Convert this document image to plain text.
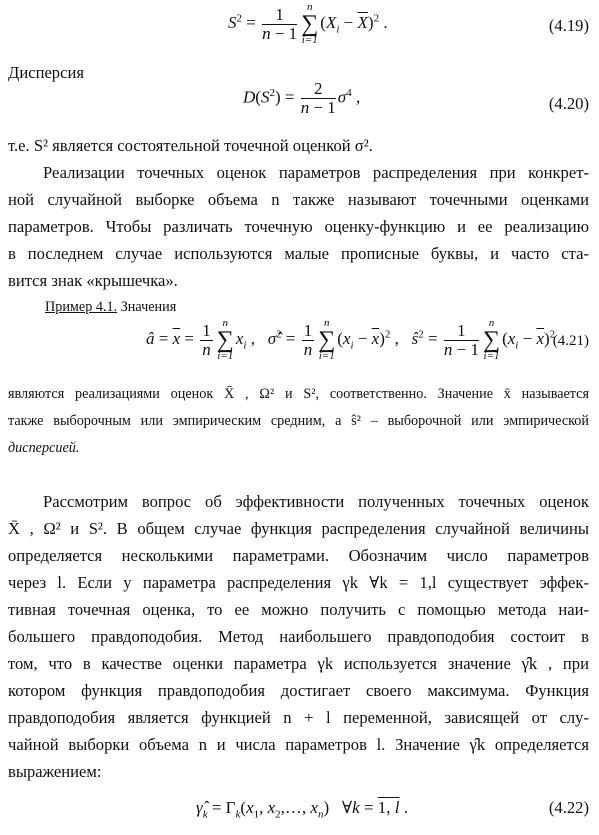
$S^2 = \frac{1}{n - 1}$ n
∑
i=1
$(X_i - \overline{X})^2$ .	(4.19)
Дисперсия
$D(S^2) = \frac{2}{n - 1} \sigma^4$ ,	(4.20)
т.е. S² является состоятельной точечной оценкой σ².
Реализации точечных оценок параметров распределения при конкрет-
ной случайной выборке объема n также называют точечными оценками
параметров. Чтобы различать точечную оценку-функцию и ее реализацию
в последнем случае используются малые прописные буквы, и часто ста-
вится знак «крышечка».
Пример 4.1. Значения
â = $\overline{x} = \frac{1}{n}$ n
∑
i=1
$x_i$ ,   σ̂$^2$ = $\frac{1}{n}$ n
∑
i=1
$(x_i - \overline{x})^2$ ,   $ŝ^2 = \frac{1}{n - 1}$ n
∑
i=1
$(x_i - \overline{x})^2$
(4.21)
являются реализациями оценок X̄ , Ω² и S², соответственно. Значение x̄ называется
также выборочным или эмпирическим средним, а ŝ² – выборочной или эмпирической
дисперсией.
Рассмотрим вопрос об эффективности полученных точечных оценок
X̄ , Ω² и S². В общем случае функция распределения случайной величины
определяется несколькими параметрами. Обозначим число параметров
через l. Если у параметра распределения γk ∀k = 1,l существует эффек-
тивная точечная оценка, то ее можно получить с помощью метода наи-
большего правдоподобия. Метод наибольшего правдоподобия состоит в
том, что в качестве оценки параметра γk используется значение γ̂k , при
котором функция правдоподобия достигает своего максимума. Функция
правдоподобия является функцией n + l переменной, зависящей от слу-
чайной выборки объема n и числа параметров l. Значение γ̂k определяется
выражением:
$\gammâ_k = \Gamma_k(x_1$, $x_2,\dots$, $x_n$)   ∀k = 1, l .	(4.22)
